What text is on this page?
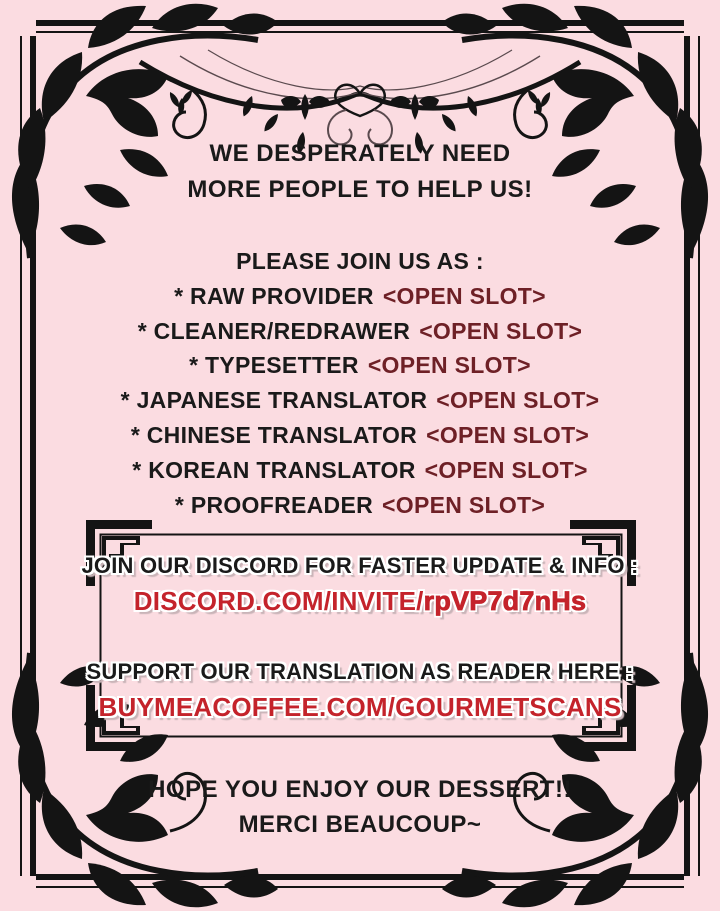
WE DESPERATELY NEED
MORE PEOPLE TO HELP US!
PLEASE JOIN US AS :
* RAW PROVIDER <OPEN SLOT>
* CLEANER/REDRAWER <OPEN SLOT>
* TYPESETTER <OPEN SLOT>
* JAPANESE TRANSLATOR <OPEN SLOT>
* CHINESE TRANSLATOR <OPEN SLOT>
* KOREAN TRANSLATOR <OPEN SLOT>
* PROOFREADER <OPEN SLOT>
JOIN OUR DISCORD FOR FASTER UPDATE & INFO :
DISCORD.COM/INVITE/rpVP7d7nHs
SUPPORT OUR TRANSLATION AS READER HERE :
BUYMEACOFFEE.COM/GOURMETSCANS
HOPE YOU ENJOY OUR DESSERT!!
MERCI BEAUCOUP~
